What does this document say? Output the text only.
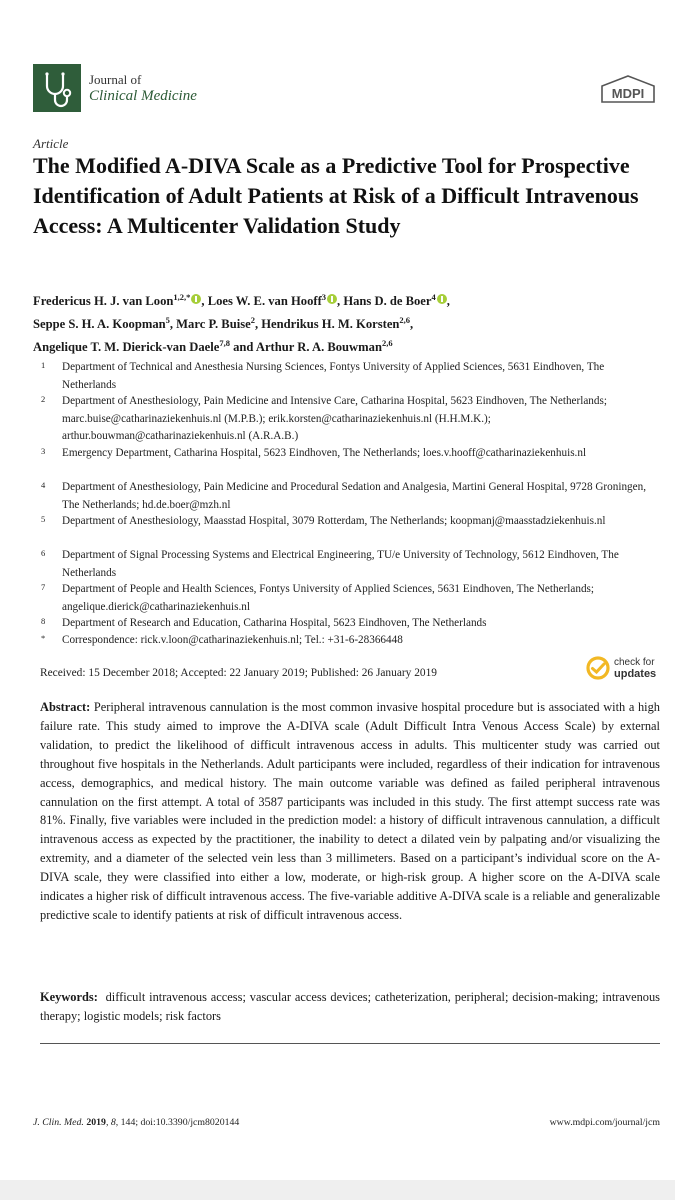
Journal of
Clinical Medicine	MDPI
Article
The Modified A-DIVA Scale as a Predictive Tool for Prospective Identification of Adult Patients at Risk of a Difficult Intravenous Access: A Multicenter Validation Study
Fredericus H. J. van Loon$^{1,2,*}$ , Loes W. E. van Hooff$^3$ , Hans D. de Boer$^4$ ,
Seppe S. H. A. Koopman$^5$, Marc P. Buise$^2$, Hendrikus H. M. Korsten$^{2,6}$,
Angelique T. M. Dierick-van Daele$^{7,8}$ and Arthur R. A. Bouwman$^{2,6}$
1 Department of Technical and Anesthesia Nursing Sciences, Fontys University of Applied Sciences, 5631 Eindhoven, The Netherlands
2 Department of Anesthesiology, Pain Medicine and Intensive Care, Catharina Hospital, 5623 Eindhoven, The Netherlands; marc.buise@catharinaziekenhuis.nl (M.P.B.); erik.korsten@catharinaziekenhuis.nl (H.H.M.K.); arthur.bouwman@catharinaziekenhuis.nl (A.R.A.B.)
3 Emergency Department, Catharina Hospital, 5623 Eindhoven, The Netherlands; loes.v.hooff@catharinaziekenhuis.nl
4 Department of Anesthesiology, Pain Medicine and Procedural Sedation and Analgesia, Martini General Hospital, 9728 Groningen, The Netherlands; hd.de.boer@mzh.nl
5 Department of Anesthesiology, Maasstad Hospital, 3079 Rotterdam, The Netherlands; koopmanj@maasstadziekenhuis.nl
6 Department of Signal Processing Systems and Electrical Engineering, TU/e University of Technology, 5612 Eindhoven, The Netherlands
7 Department of People and Health Sciences, Fontys University of Applied Sciences, 5631 Eindhoven, The Netherlands; angelique.dierick@catharinaziekenhuis.nl
8 Department of Research and Education, Catharina Hospital, 5623 Eindhoven, The Netherlands
* Correspondence: rick.v.loon@catharinaziekenhuis.nl; Tel.: +31-6-28366448
Received: 15 December 2018; Accepted: 22 January 2019; Published: 26 January 2019
check for
updates
Abstract: Peripheral intravenous cannulation is the most common invasive hospital procedure but is associated with a high failure rate. This study aimed to improve the A-DIVA scale (Adult Difficult Intra Venous Access Scale) by external validation, to predict the likelihood of difficult intravenous access in adults. This multicenter study was carried out throughout five hospitals in the Netherlands. Adult participants were included, regardless of their indication for intravenous access, demographics, and medical history. The main outcome variable was defined as failed peripheral intravenous cannulation on the first attempt. A total of 3587 participants was included in this study. The first attempt success rate was 81%. Finally, five variables were included in the prediction model: a history of difficult intravenous cannulation, a difficult intravenous access as expected by the practitioner, the inability to detect a dilated vein by palpating and/or visualizing the extremity, and a diameter of the selected vein less than 3 millimeters. Based on a participant’s individual score on the A-DIVA scale, they were classified into either a low, moderate, or high-risk group. A higher score on the A-DIVA scale indicates a higher risk of difficult intravenous access. The five-variable additive A-DIVA scale is a reliable and generalizable predictive scale to identify patients at risk of difficult intravenous access.
Keywords: difficult intravenous access; vascular access devices; catheterization, peripheral; decision-making; intravenous therapy; logistic models; risk factors
J. Clin. Med. 2019, 8, 144; doi:10.3390/jcm8020144	www.mdpi.com/journal/jcm
